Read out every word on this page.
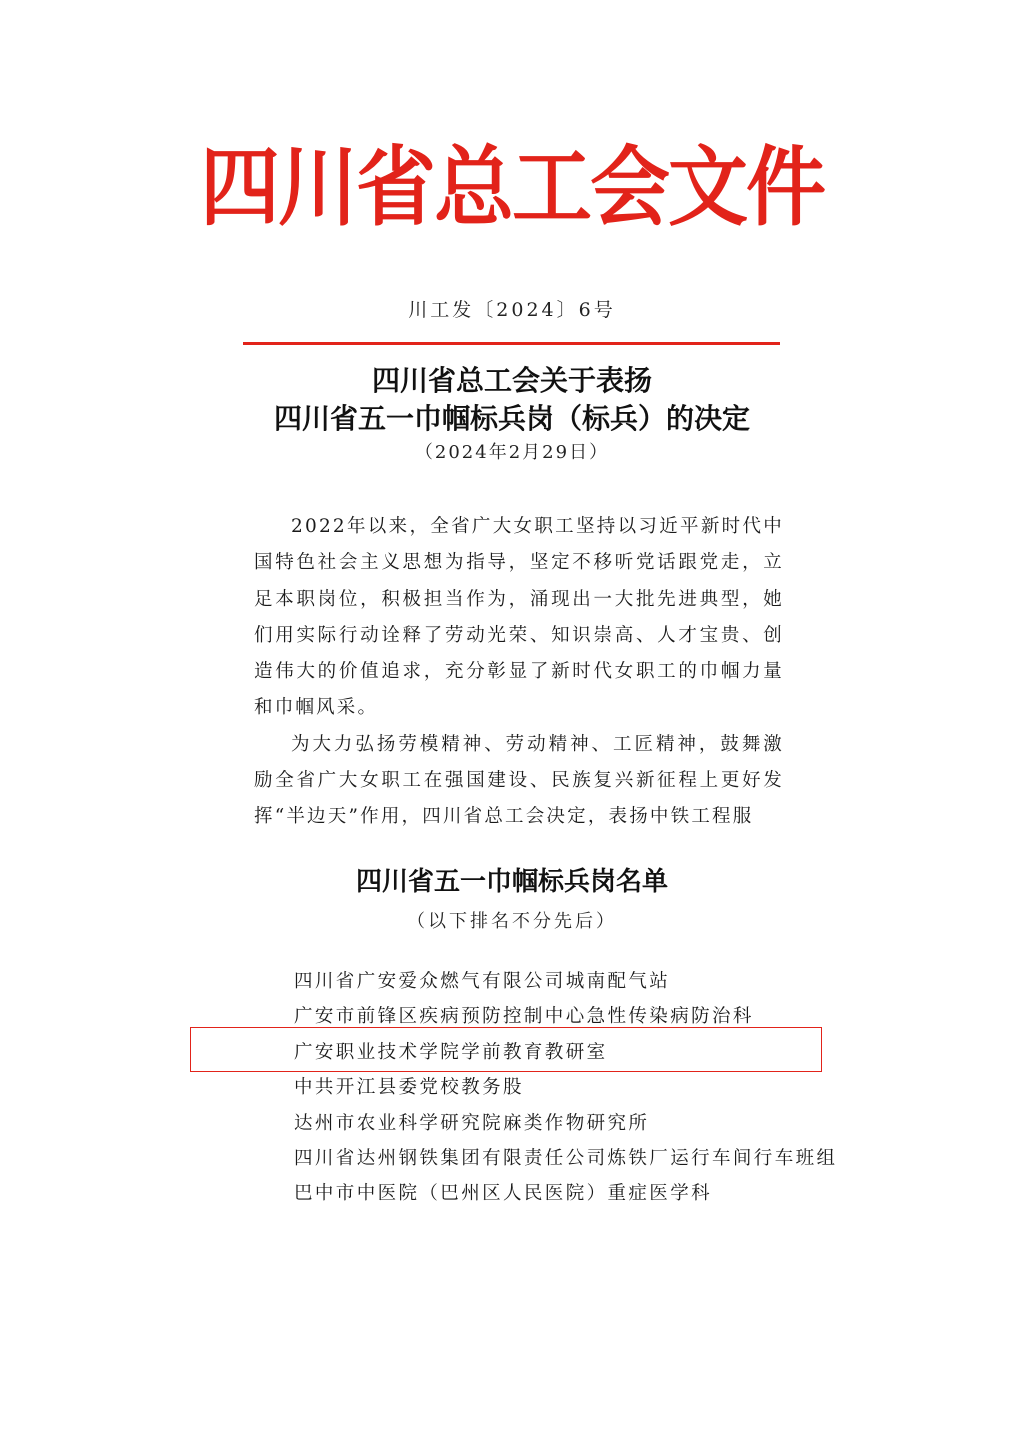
四川省总工会文件
川工发〔2024〕6号
四川省总工会关于表扬
四川省五一巾帼标兵岗（标兵）的决定
（2024年2月29日）

2022年以来，全省广大女职工坚持以习近平新时代中国特色社会主义思想为指导，坚定不移听党话跟党走，立足本职岗位，积极担当作为，涌现出一大批先进典型，她们用实际行动诠释了劳动光荣、知识崇高、人才宝贵、创造伟大的价值追求，充分彰显了新时代女职工的巾帼力量和巾帼风采。

为大力弘扬劳模精神、劳动精神、工匠精神，鼓舞激励全省广大女职工在强国建设、民族复兴新征程上更好发挥“半边天”作用，四川省总工会决定，表扬中铁工程服

四川省五一巾帼标兵岗名单
（以下排名不分先后）
四川省广安爱众燃气有限公司城南配气站
广安市前锋区疾病预防控制中心急性传染病防治科
广安职业技术学院学前教育教研室
中共开江县委党校教务股
达州市农业科学研究院麻类作物研究所
四川省达州钢铁集团有限责任公司炼铁厂运行车间行车班组
巴中市中医院（巴州区人民医院）重症医学科
